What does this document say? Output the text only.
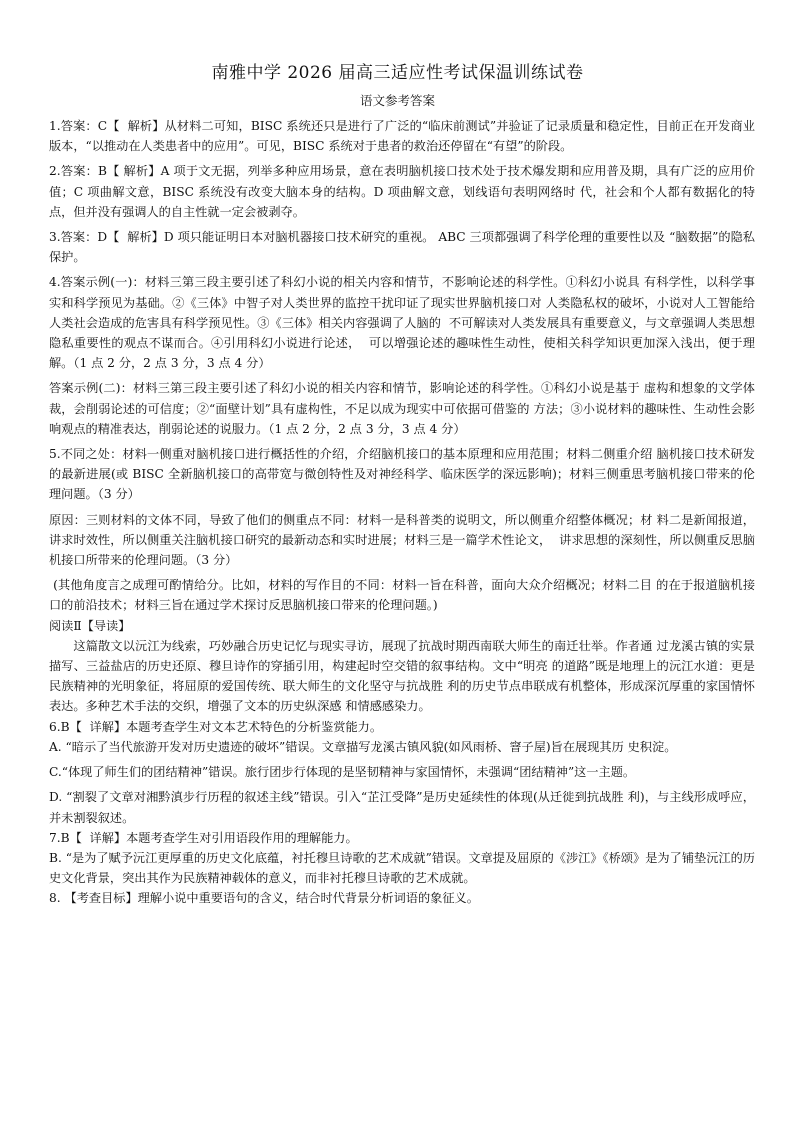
南雅中学 2026 届高三适应性考试保温训练试卷
语文参考答案

1.答案：C【  解析】从材料二可知，BISC 系统还只是进行了广泛的“临床前测试”并验证了记录质量和稳定性，目前正在开发商业版本，“以推动在人类患者中的应用”。可见，BISC 系统对于患者的救治还停留在“有望”的阶段。

2.答案：B【 解析】A 项于文无据，列举多种应用场景，意在表明脑机接口技术处于技术爆发期和应用普及期，具有广泛的应用价值；C 项曲解文意，BISC 系统没有改变大脑本身的结构。D 项曲解文意，划线语句表明网络时 代，社会和个人都有数据化的特点，但并没有强调人的自主性就一定会被剥夺。

3.答案：D【  解析】D 项只能证明日本对脑机器接口技术研究的重视。 ABC 三项都强调了科学伦理的重要性以及 “脑数据”的隐私保护。

4.答案示例(一)：材料三第三段主要引述了科幻小说的相关内容和情节，不影响论述的科学性。①科幻小说具 有科学性，以科学事实和科学预见为基础。②《三体》中智子对人类世界的监控干扰印证了现实世界脑机接口对 人类隐私权的破坏，小说对人工智能给人类社会造成的危害具有科学预见性。③《三体》相关内容强调了人脑的  不可解读对人类发展具有重要意义，与文章强调人类思想隐私重要性的观点不谋而合。④引用科幻小说进行论述，  可以增强论述的趣味性生动性，使相关科学知识更加深入浅出，便于理解。（1 点 2 分，2 点 3 分，3 点 4 分）

答案示例(二)：材料三第三段主要引述了科幻小说的相关内容和情节，影响论述的科学性。①科幻小说是基于 虚构和想象的文学体裁，会削弱论述的可信度；②“面壁计划”具有虚构性，不足以成为现实中可依据可借鉴的 方法；③小说材料的趣味性、生动性会影响观点的精准表达，削弱论述的说服力。（1 点 2 分，2 点 3 分，3 点 4 分）

5.不同之处：材料一侧重对脑机接口进行概括性的介绍，介绍脑机接口的基本原理和应用范围；材料二侧重介绍 脑机接口技术研发的最新进展(或 BISC 全新脑机接口的高带宽与微创特性及对神经科学、临床医学的深远影响)；材料三侧重思考脑机接口带来的伦理问题。（3 分）

原因：三则材料的文体不同，导致了他们的侧重点不同：材料一是科普类的说明文，所以侧重介绍整体概况；材 料二是新闻报道，讲求时效性，所以侧重关注脑机接口研究的最新动态和实时进展；材料三是一篇学术性论文，  讲求思想的深刻性，所以侧重反思脑机接口所带来的伦理问题。（3 分）

(其他角度言之成理可酌情给分。比如，材料的写作目的不同：材料一旨在科普，面向大众介绍概况；材料二目 的在于报道脑机接口的前沿技术；材料三旨在通过学术探讨反思脑机接口带来的伦理问题。)

阅读Ⅱ【导读】

这篇散文以沅江为线索，巧妙融合历史记忆与现实寻访，展现了抗战时期西南联大师生的南迁壮举。作者通 过龙溪古镇的实景描写、三益盐店的历史还原、穆旦诗作的穿插引用，构建起时空交错的叙事结构。文中“明亮 的道路”既是地理上的沅江水道：更是民族精神的光明象征，将屈原的爱国传统、联大师生的文化坚守与抗战胜 利的历史节点串联成有机整体，形成深沉厚重的家国情怀表达。多种艺术手法的交织，增强了文本的历史纵深感 和情感感染力。

6.B【  详解】本题考查学生对文本艺术特色的分析鉴赏能力。

A. “暗示了当代旅游开发对历史遗迹的破坏”错误。文章描写龙溪古镇风貌(如风雨桥、窨子屋)旨在展现其历 史积淀。

C.“体现了师生们的团结精神”错误。旅行团步行体现的是坚韧精神与家国情怀，未强调“团结精神”这一主题。

D. “割裂了文章对湘黔滇步行历程的叙述主线”错误。引入“芷江受降”是历史延续性的体现(从迁徙到抗战胜 利)，与主线形成呼应，并未割裂叙述。

7.B【  详解】本题考查学生对引用语段作用的理解能力。

B. “是为了赋予沅江更厚重的历史文化底蕴，衬托穆旦诗歌的艺术成就”错误。文章提及屈原的《涉江》《桥颂》是为了铺垫沅江的历史文化背景，突出其作为民族精神载体的意义，而非衬托穆旦诗歌的艺术成就。

8. 【考查目标】理解小说中重要语句的含义，结合时代背景分析词语的象征义。
